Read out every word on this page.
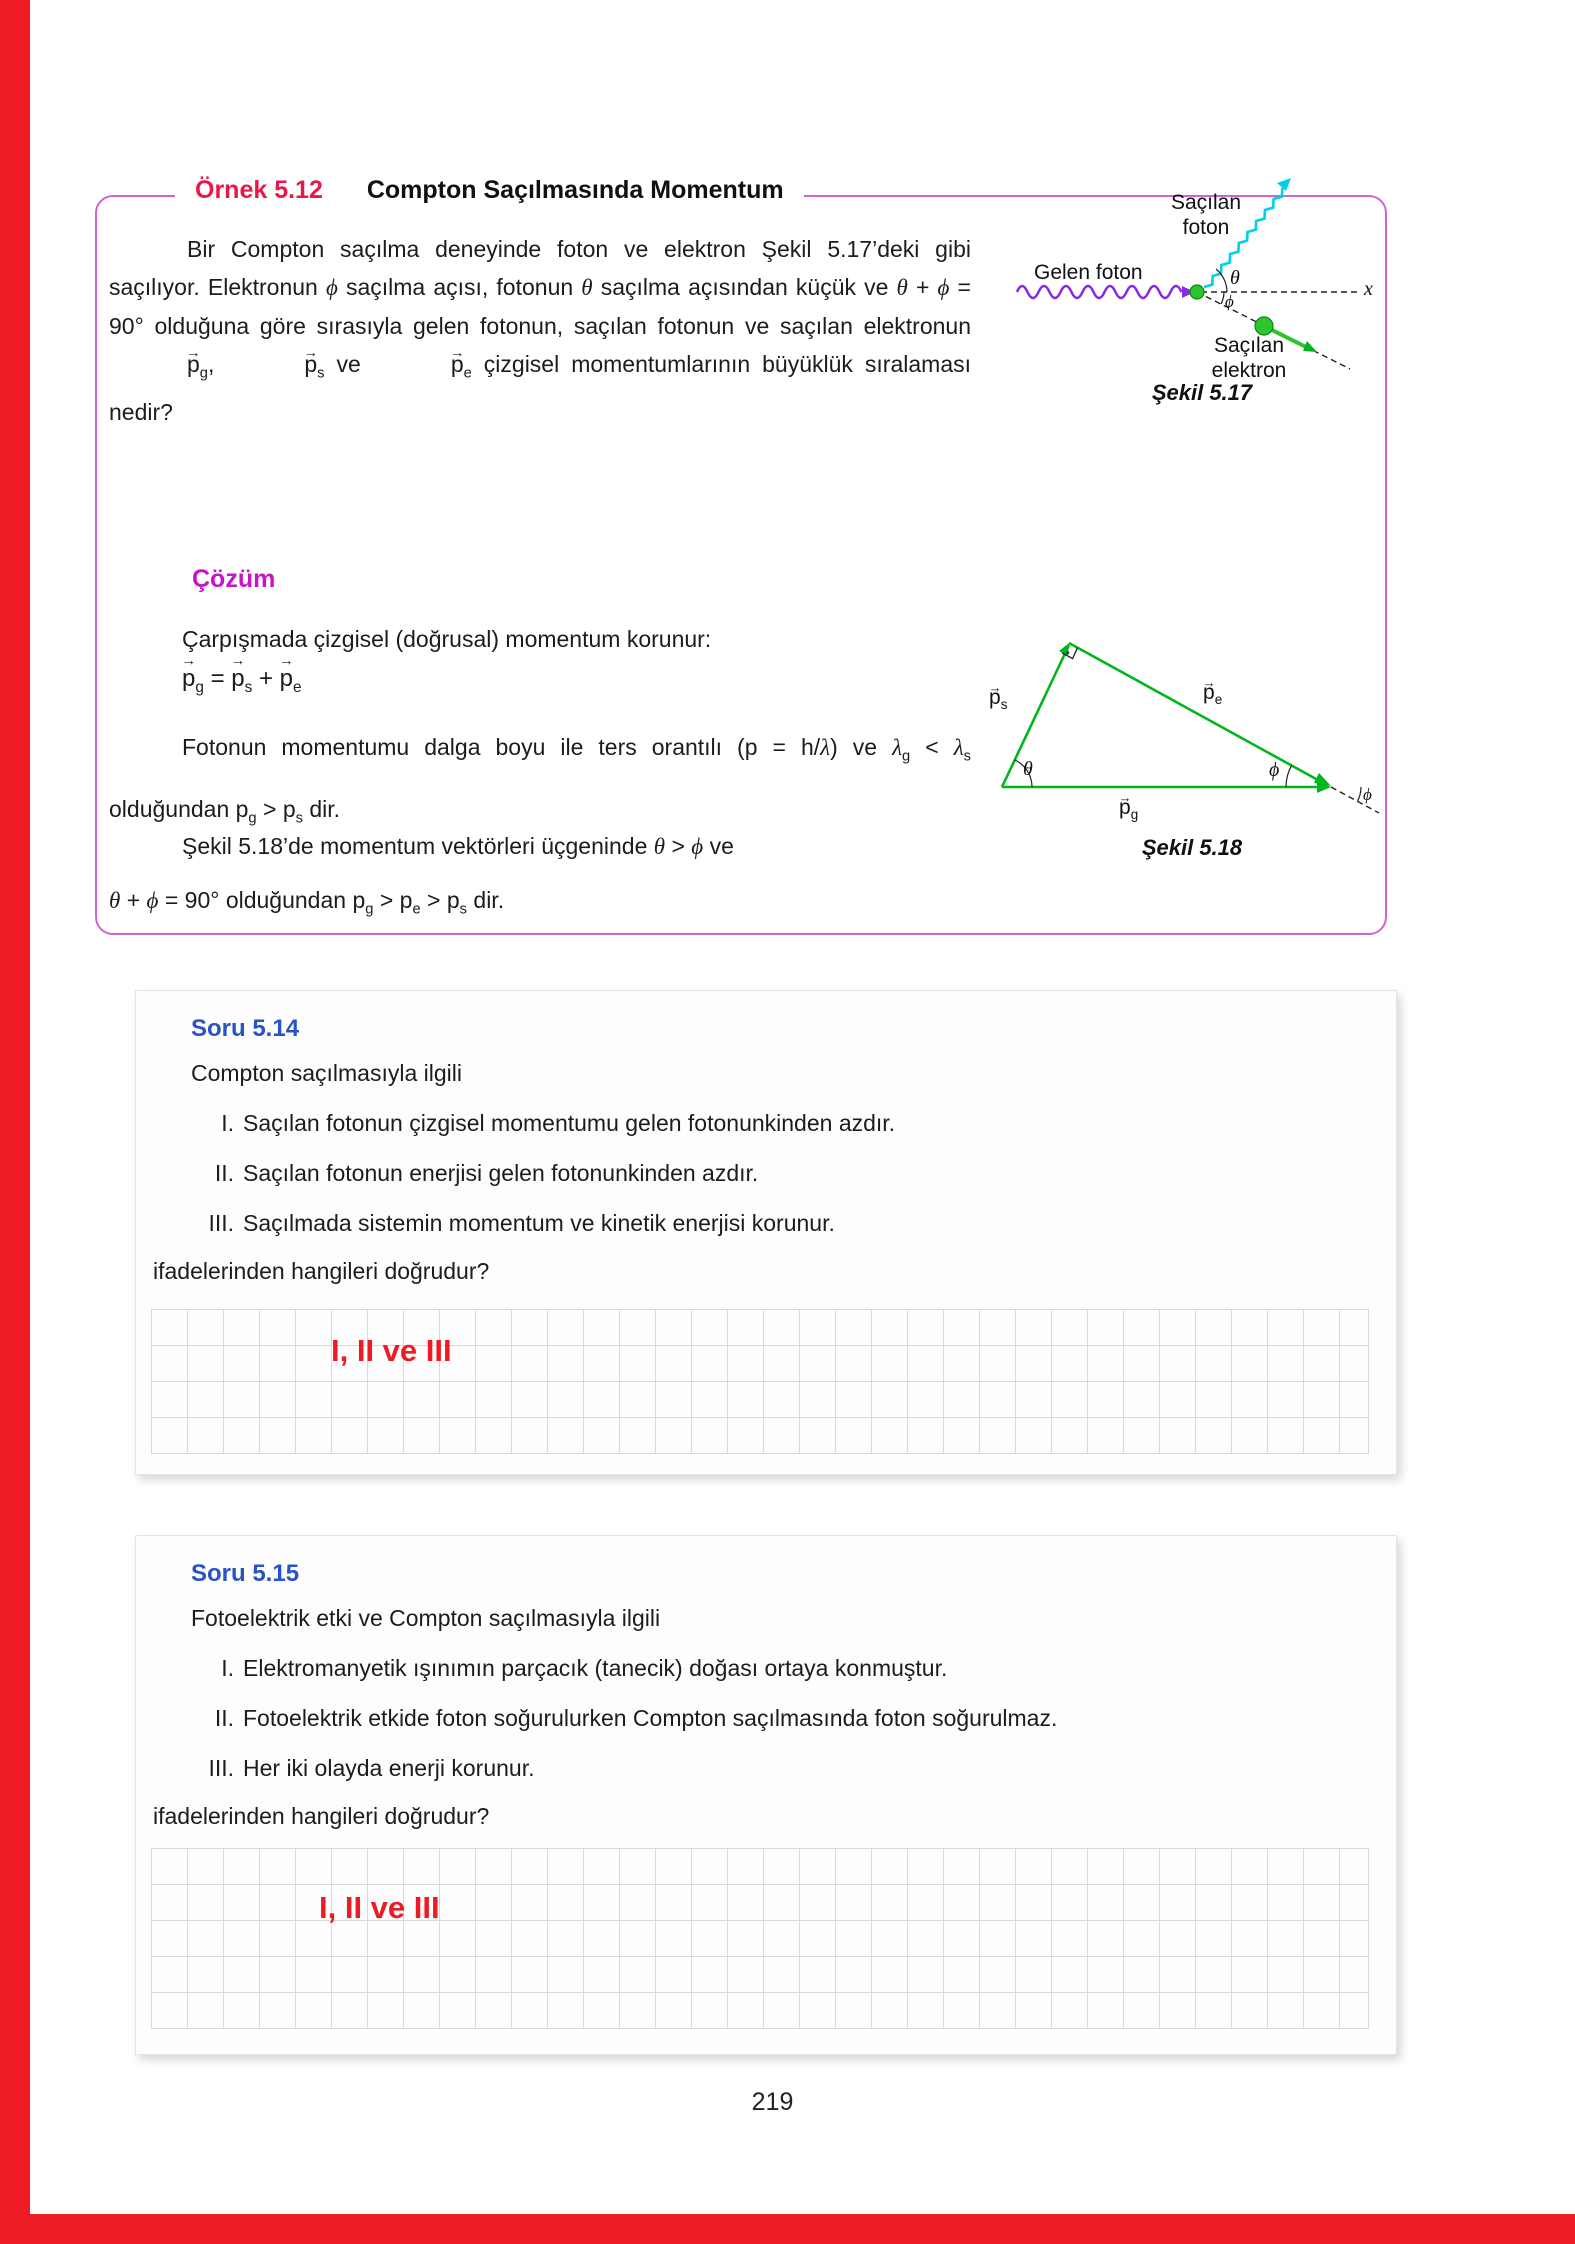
Örnek 5.12 Compton Saçılmasında Momentum

Bir Compton saçılma deneyinde foton ve elektron Şekil 5.17’deki gibi saçılıyor. Elektronun ϕ saçılma açısı, fotonun θ saçılma açısından küçük ve θ + ϕ = 90° olduğuna göre sırasıyla gelen fotonun, saçılan fotonun ve saçılan elektronun → $p_g$,	→ $p_s$ ve	→ $p_e$ çizgisel momentumlarının büyüklük sıralaması nedir?

Saçılan
foton
Gelen foton
Saçılan
elektron
x
θ
ϕ
Şekil 5.17
Çözüm

Çarpışmada çizgisel (doğrusal) momentum korunur:

→ $p_g$ = → $p_s$ + → $p_e$

Fotonun momentumu dalga boyu ile ters orantılı (p = h/λ) ve $\lambda_g < \lambda_s$ olduğundan $p_g > p_s$ dir.

Şekil 5.18’de momentum vektörleri üçgeninde θ > ϕ ve

θ + ϕ = 90° olduğundan $p_g > p_e > p_s$ dir.

→ $p_s$
→ $p_e$
→ $p_g$
θ	ϕ
ϕ
Şekil 5.18
Soru 5.14

Compton saçılmasıyla ilgili

I. Saçılan fotonun çizgisel momentumu gelen fotonunkinden azdır.
II. Saçılan fotonun enerjisi gelen fotonunkinden azdır.
III. Saçılmada sistemin momentum ve kinetik enerjisi korunur.

ifadelerinden hangileri doğrudur?

I, II ve III
Soru 5.15

Fotoelektrik etki ve Compton saçılmasıyla ilgili

I. Elektromanyetik ışınımın parçacık (tanecik) doğası ortaya konmuştur.
II. Fotoelektrik etkide foton soğurulurken Compton saçılmasında foton soğurulmaz.
III. Her iki olayda enerji korunur.

ifadelerinden hangileri doğrudur?

I, II ve III
219
